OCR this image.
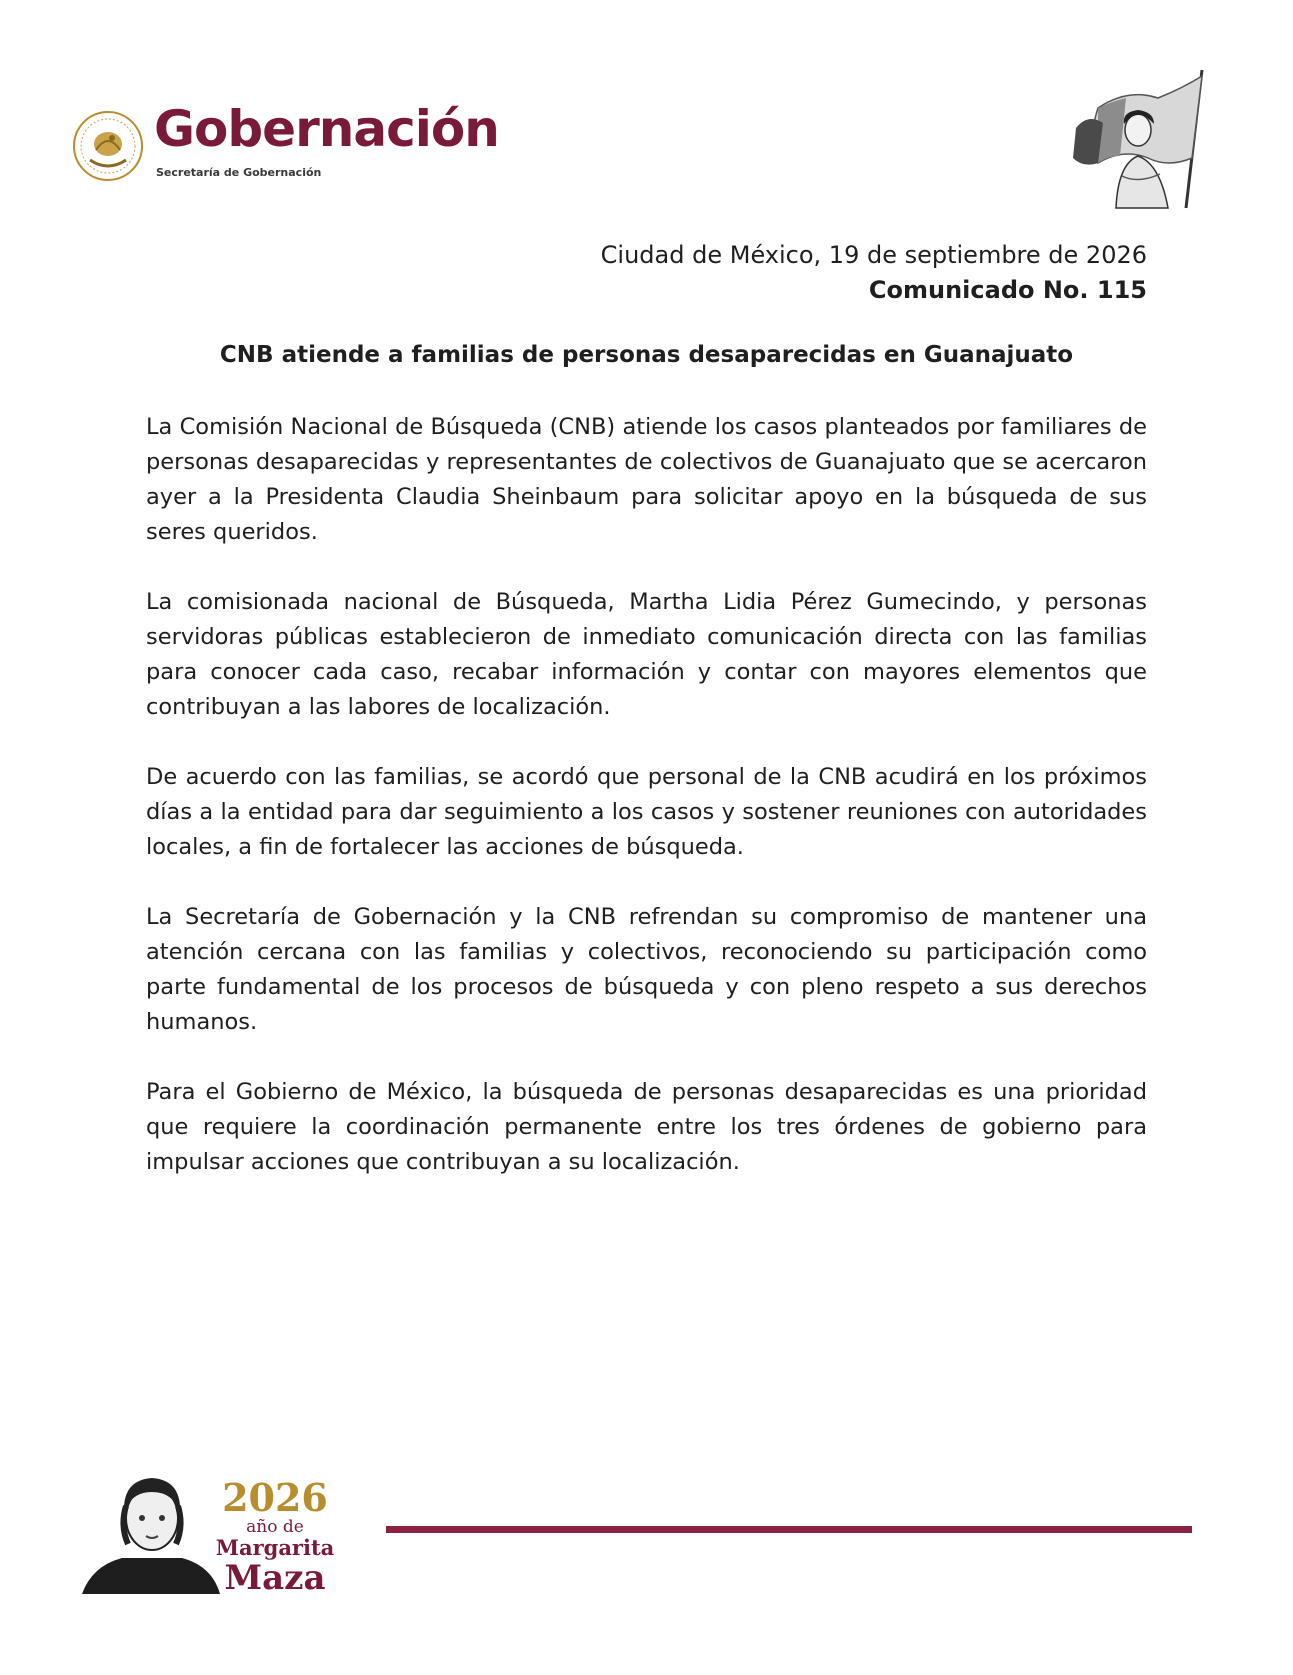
Gobernación
Secretaría de Gobernación
Ciudad de México, 19 de septiembre de 2026
Comunicado No. 115
CNB atiende a familias de personas desaparecidas en Guanajuato

La Comisión Nacional de Búsqueda (CNB) atiende los casos planteados por familiares de personas desaparecidas y representantes de colectivos de Guanajuato que se acercaron ayer a la Presidenta Claudia Sheinbaum para solicitar apoyo en la búsqueda de sus seres queridos.

La comisionada nacional de Búsqueda, Martha Lidia Pérez Gumecindo, y personas servidoras públicas establecieron de inmediato comunicación directa con las familias para conocer cada caso, recabar información y contar con mayores elementos que contribuyan a las labores de localización.

De acuerdo con las familias, se acordó que personal de la CNB acudirá en los próximos días a la entidad para dar seguimiento a los casos y sostener reuniones con autoridades locales, a fin de fortalecer las acciones de búsqueda.

La Secretaría de Gobernación y la CNB refrendan su compromiso de mantener una atención cercana con las familias y colectivos, reconociendo su participación como parte fundamental de los procesos de búsqueda y con pleno respeto a sus derechos humanos.

Para el Gobierno de México, la búsqueda de personas desaparecidas es una prioridad que requiere la coordinación permanente entre los tres órdenes de gobierno para impulsar acciones que contribuyan a su localización.

2026
año de
Margarita
Maza
